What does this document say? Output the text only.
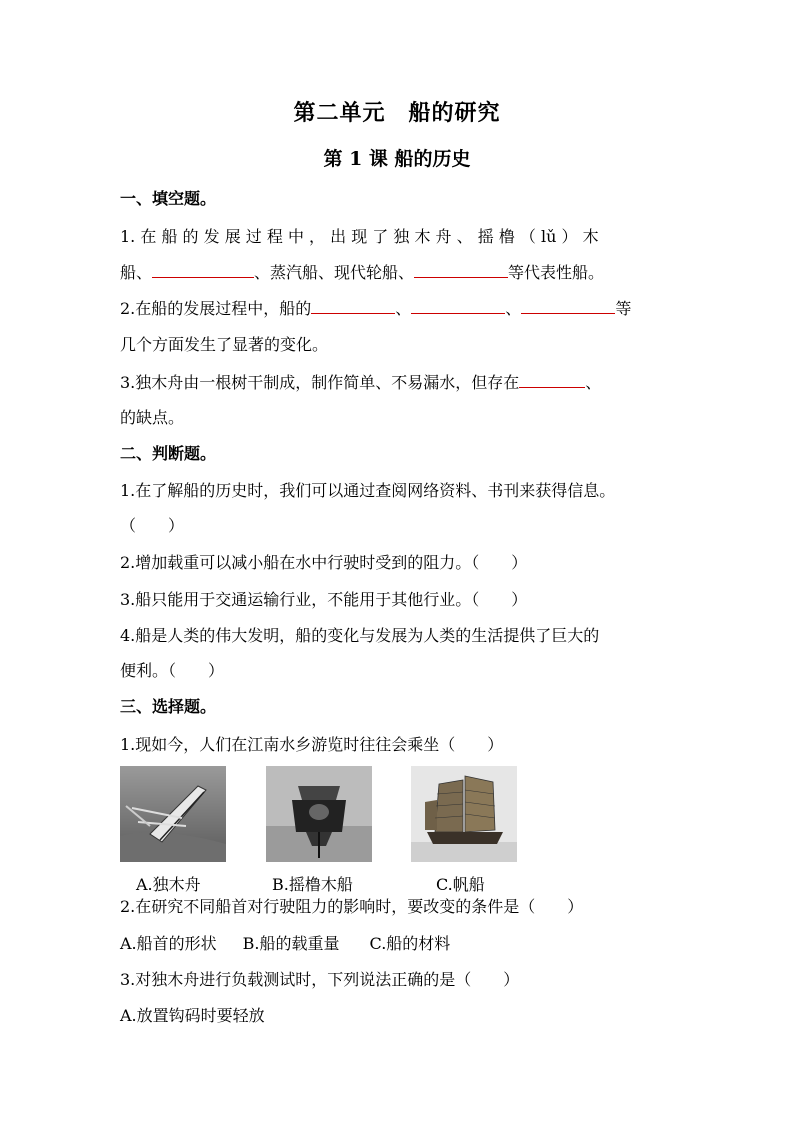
第二单元　船的研究
第 1 课 船的历史
一、填空题。
1. 在 船 的 发 展 过 程 中 ， 出 现 了 独 木 舟 、 摇 橹 （ lǔ ） 木
船、	、蒸汽船、现代轮船、	等代表性船。
2.在船的发展过程中，船的	、	、	等
几个方面发生了显著的变化。
3.独木舟由一根树干制成，制作简单、不易漏水，但存在	、
的缺点。
二、判断题。
1.在了解船的历史时，我们可以通过查阅网络资料、书刊来获得信息。
（　　）
2.增加载重可以减小船在水中行驶时受到的阻力。（　　）
3.船只能用于交通运输行业，不能用于其他行业。（　　）
4.船是人类的伟大发明，船的变化与发展为人类的生活提供了巨大的
便利。（　　）
三、选择题。
1.现如今，人们在江南水乡游览时往往会乘坐（　　）
A.独木舟	B.摇橹木船	C.帆船
2.在研究不同船首对行驶阻力的影响时，要改变的条件是（　　）
A.船首的形状 B.船的载重量 C.船的材料
3.对独木舟进行负载测试时，下列说法正确的是（　　）
A.放置钩码时要轻放
